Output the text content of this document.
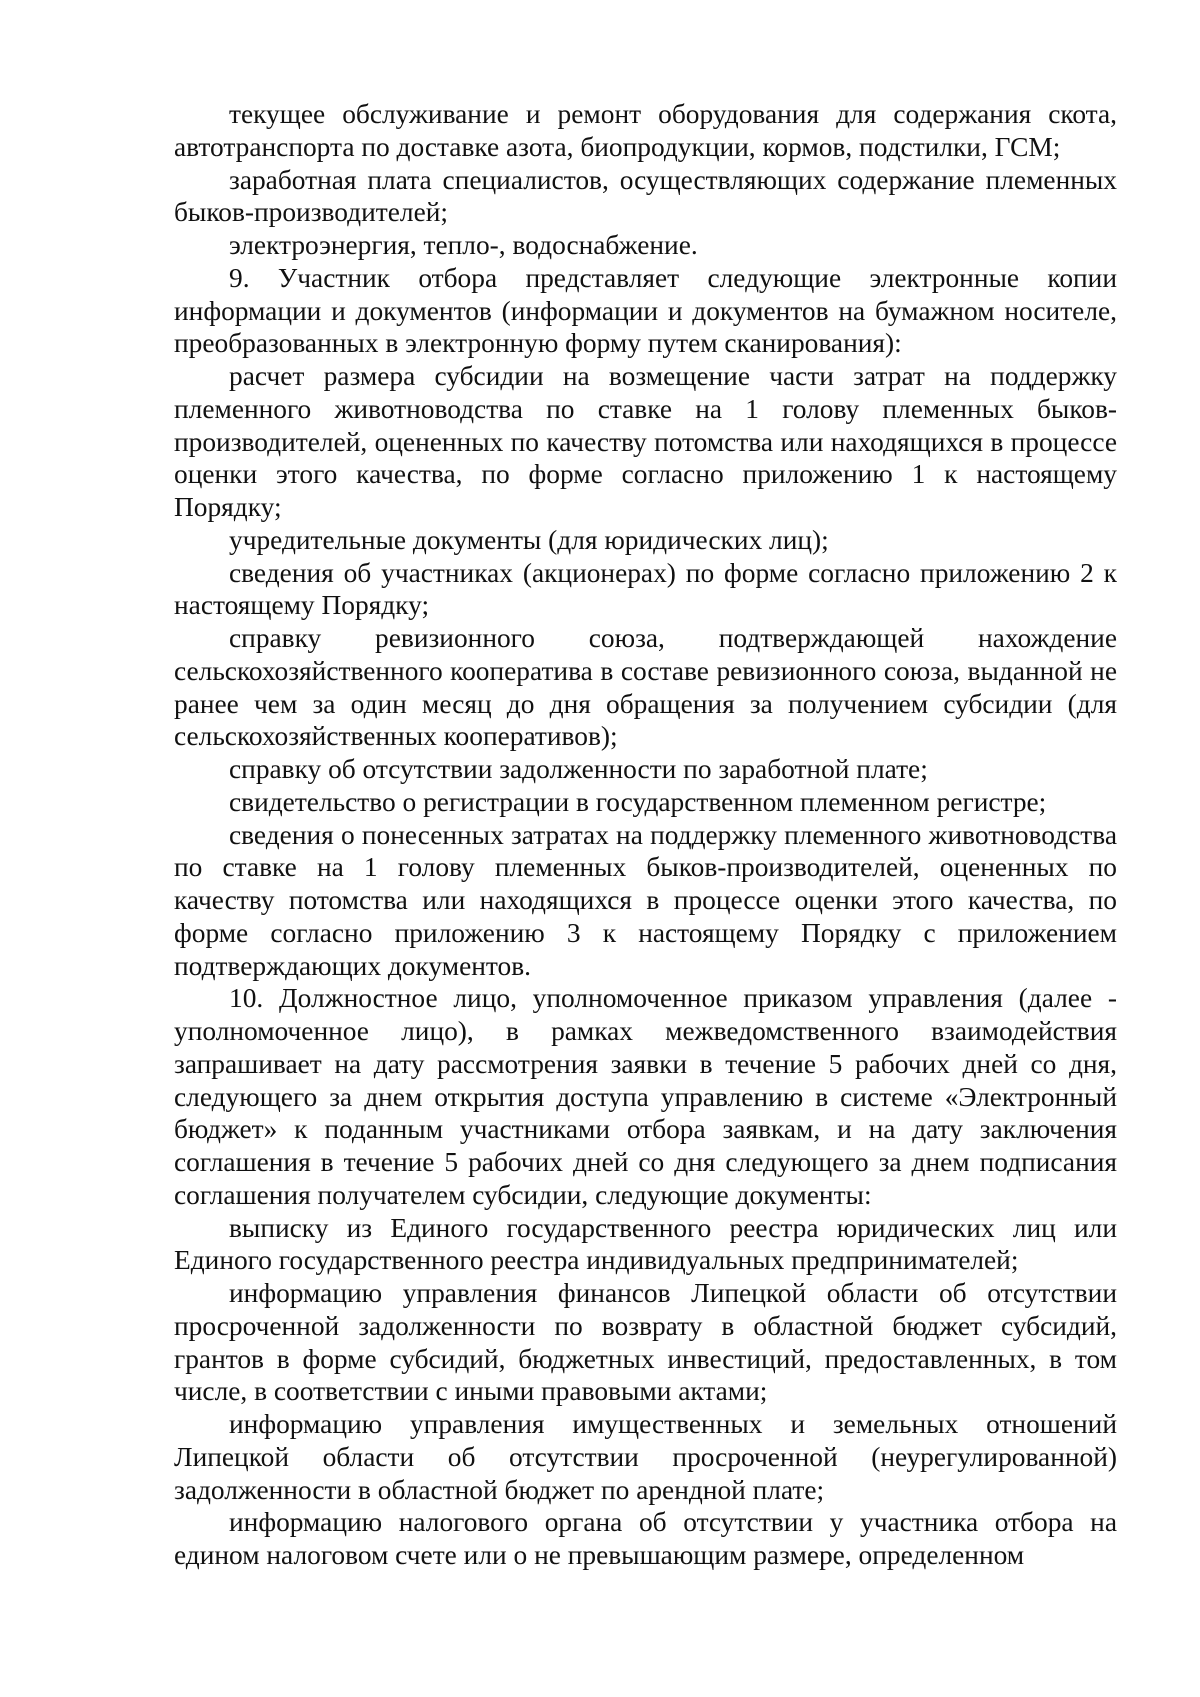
текущее обслуживание и ремонт оборудования для содержания скота, автотранспорта по доставке азота, биопродукции, кормов, подстилки, ГСМ;

заработная плата специалистов, осуществляющих содержание племенных быков-производителей;

электроэнергия, тепло-, водоснабжение.

9. Участник отбора представляет следующие электронные копии информации и документов (информации и документов на бумажном носителе, преобразованных в электронную форму путем сканирования):

расчет размера субсидии на возмещение части затрат на поддержку племенного животноводства по ставке на 1 голову племенных быков-производителей, оцененных по качеству потомства или находящихся в процессе оценки этого качества, по форме согласно приложению 1 к настоящему Порядку;

учредительные документы (для юридических лиц);

сведения об участниках (акционерах) по форме согласно приложению 2 к настоящему Порядку;

справку ревизионного союза, подтверждающей нахождение сельскохозяйственного кооператива в составе ревизионного союза, выданной не ранее чем за один месяц до дня обращения за получением субсидии (для сельскохозяйственных кооперативов);

справку об отсутствии задолженности по заработной плате;

свидетельство о регистрации в государственном племенном регистре;

сведения о понесенных затратах на поддержку племенного животноводства по ставке на 1 голову племенных быков-производителей, оцененных по качеству потомства или находящихся в процессе оценки этого качества, по форме согласно приложению 3 к настоящему Порядку с приложением подтверждающих документов.

10. Должностное лицо, уполномоченное приказом управления (далее - уполномоченное лицо), в рамках межведомственного взаимодействия запрашивает на дату рассмотрения заявки в течение 5 рабочих дней со дня, следующего за днем открытия доступа управлению в системе «Электронный бюджет» к поданным участниками отбора заявкам, и на дату заключения соглашения в течение 5 рабочих дней со дня следующего за днем подписания соглашения получателем субсидии, следующие документы:

выписку из Единого государственного реестра юридических лиц или Единого государственного реестра индивидуальных предпринимателей;

информацию управления финансов Липецкой области об отсутствии просроченной задолженности по возврату в областной бюджет субсидий, грантов в форме субсидий, бюджетных инвестиций, предоставленных, в том числе, в соответствии с иными правовыми актами;

информацию управления имущественных и земельных отношений Липецкой области об отсутствии просроченной (неурегулированной) задолженности в областной бюджет по арендной плате;

информацию налогового органа об отсутствии у участника отбора на едином налоговом счете или о не превышающим размере, определенном
